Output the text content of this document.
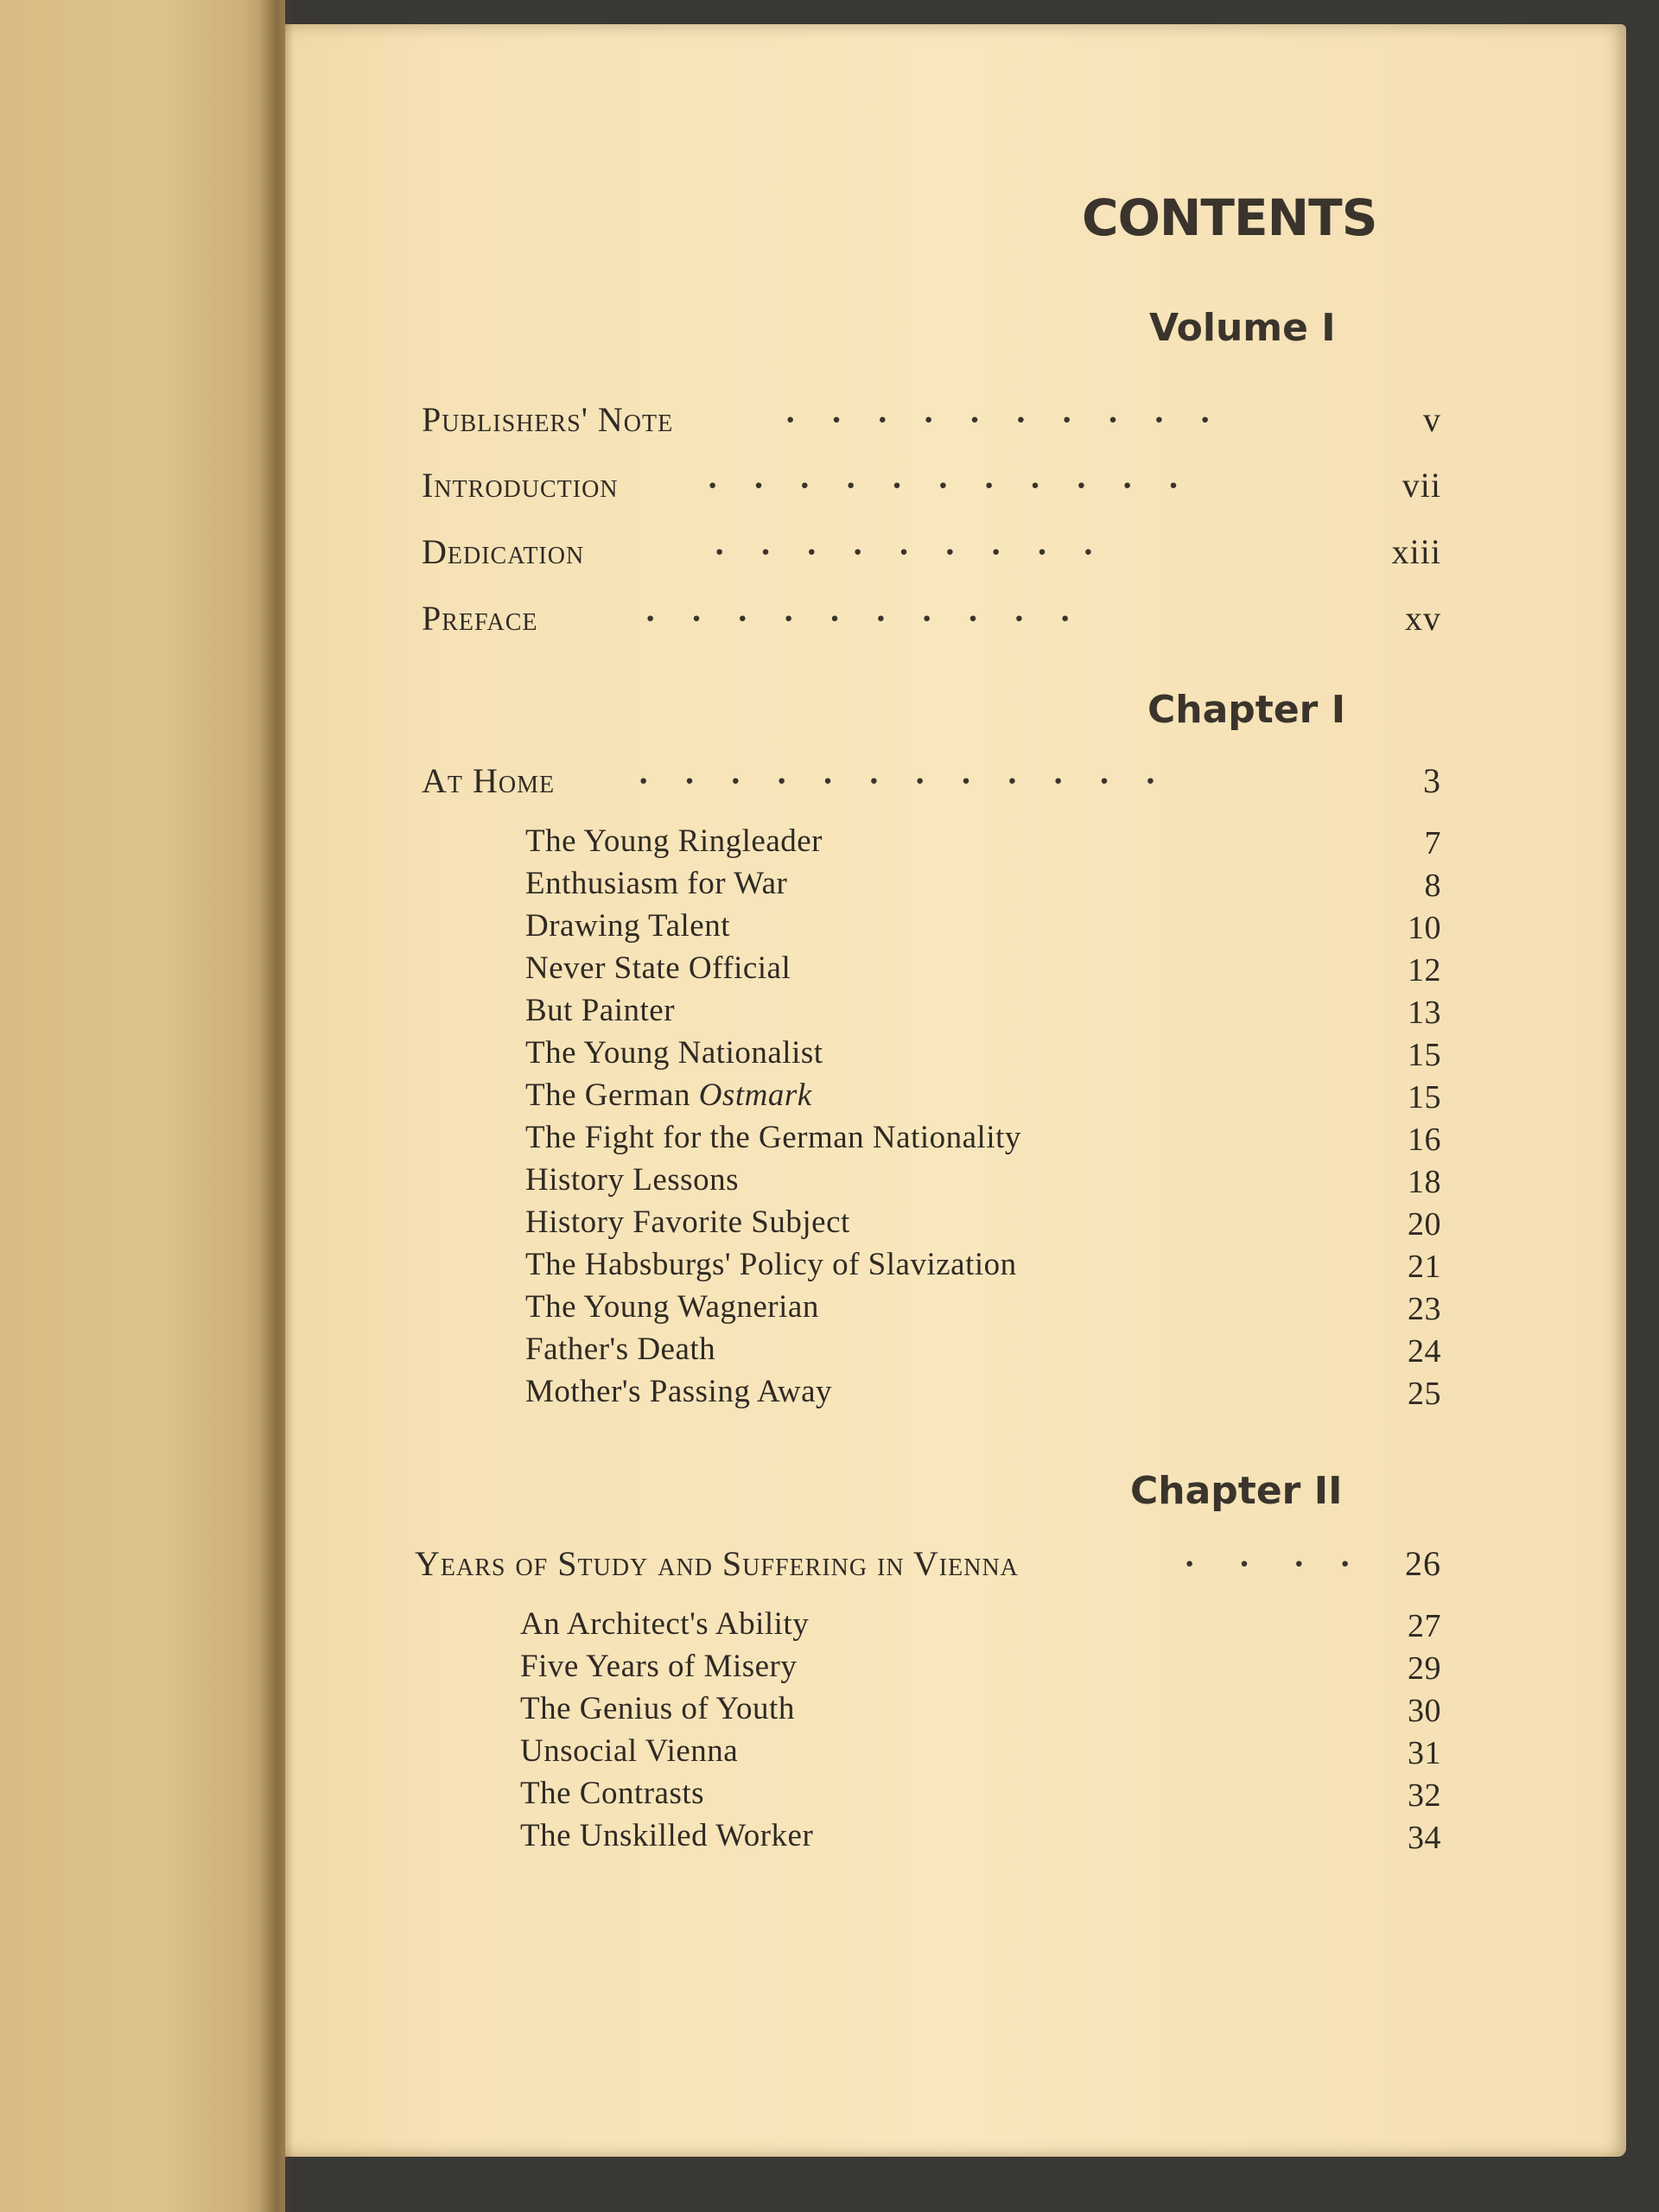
CONTENTS
Volume I
Publishers' Note	·    ·    ·    ·    ·    ·    ·    ·    ·    ·	v
Introduction	·    ·    ·    ·    ·    ·    ·    ·    ·    ·    ·	vii
Dedication	·    ·    ·    ·    ·    ·    ·    ·    ·	xiii
Preface	·    ·    ·    ·    ·    ·    ·    ·    ·    ·	xv
Chapter I
At Home ·    ·    ·    ·    ·    ·    ·    ·    ·    ·    ·    ·	3
The Young Ringleader	7
Enthusiasm for War	8
Drawing Talent	10
Never State Official	12
But Painter	13
The Young Nationalist	15
The German Ostmark	15
The Fight for the German Nationality	16
History Lessons	18
History Favorite Subject	20
The Habsburgs' Policy of Slavization	21
The Young Wagnerian	23
Father's Death	24
Mother's Passing Away	25
Chapter II
Years of Study and Suffering in Vienna	·     ·     ·    · 26
An Architect's Ability	27
Five Years of Misery	29
The Genius of Youth	30
Unsocial Vienna	31
The Contrasts	32
The Unskilled Worker	34
